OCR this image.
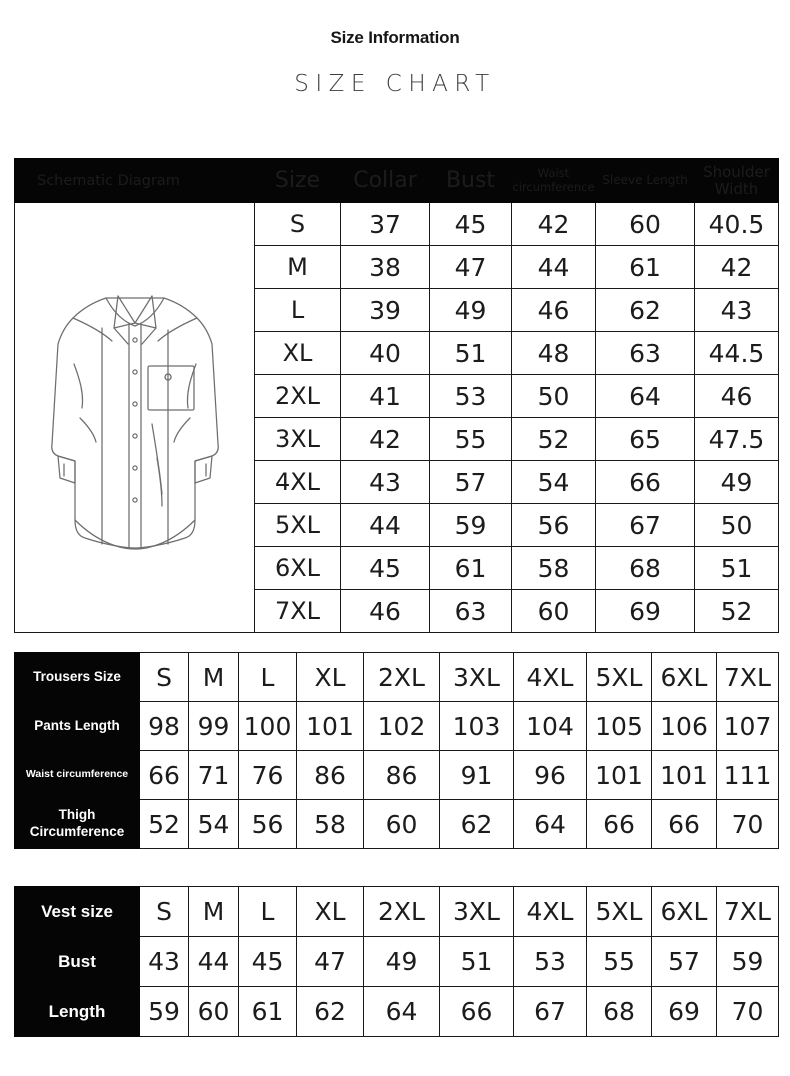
Size Information
SIZE CHART
Schematic Diagram	Size	Collar	Bust	Waist circumference	Sleeve Length	Shoulder Width

	S	37	45	42	60	40.5
	M	38	47	44	61	42
	L	39	49	46	62	43
	XL	40	51	48	63	44.5
	2XL	41	53	50	64	46
	3XL	42	55	52	65	47.5
	4XL	43	57	54	66	49
	5XL	44	59	56	67	50
	6XL	45	61	58	68	51
	7XL	46	63	60	69	52
Trousers Size	S	M	L	XL	2XL	3XL	4XL	5XL	6XL	7XL
Pants Length	98	99	100	101	102	103	104	105	106	107
Waist circumference	66	71	76	86	86	91	96	101	101	111
Thigh Circumference	52	54	56	58	60	62	64	66	66	70
Vest size	S	M	L	XL	2XL	3XL	4XL	5XL	6XL	7XL
Bust	43	44	45	47	49	51	53	55	57	59
Length	59	60	61	62	64	66	67	68	69	70
